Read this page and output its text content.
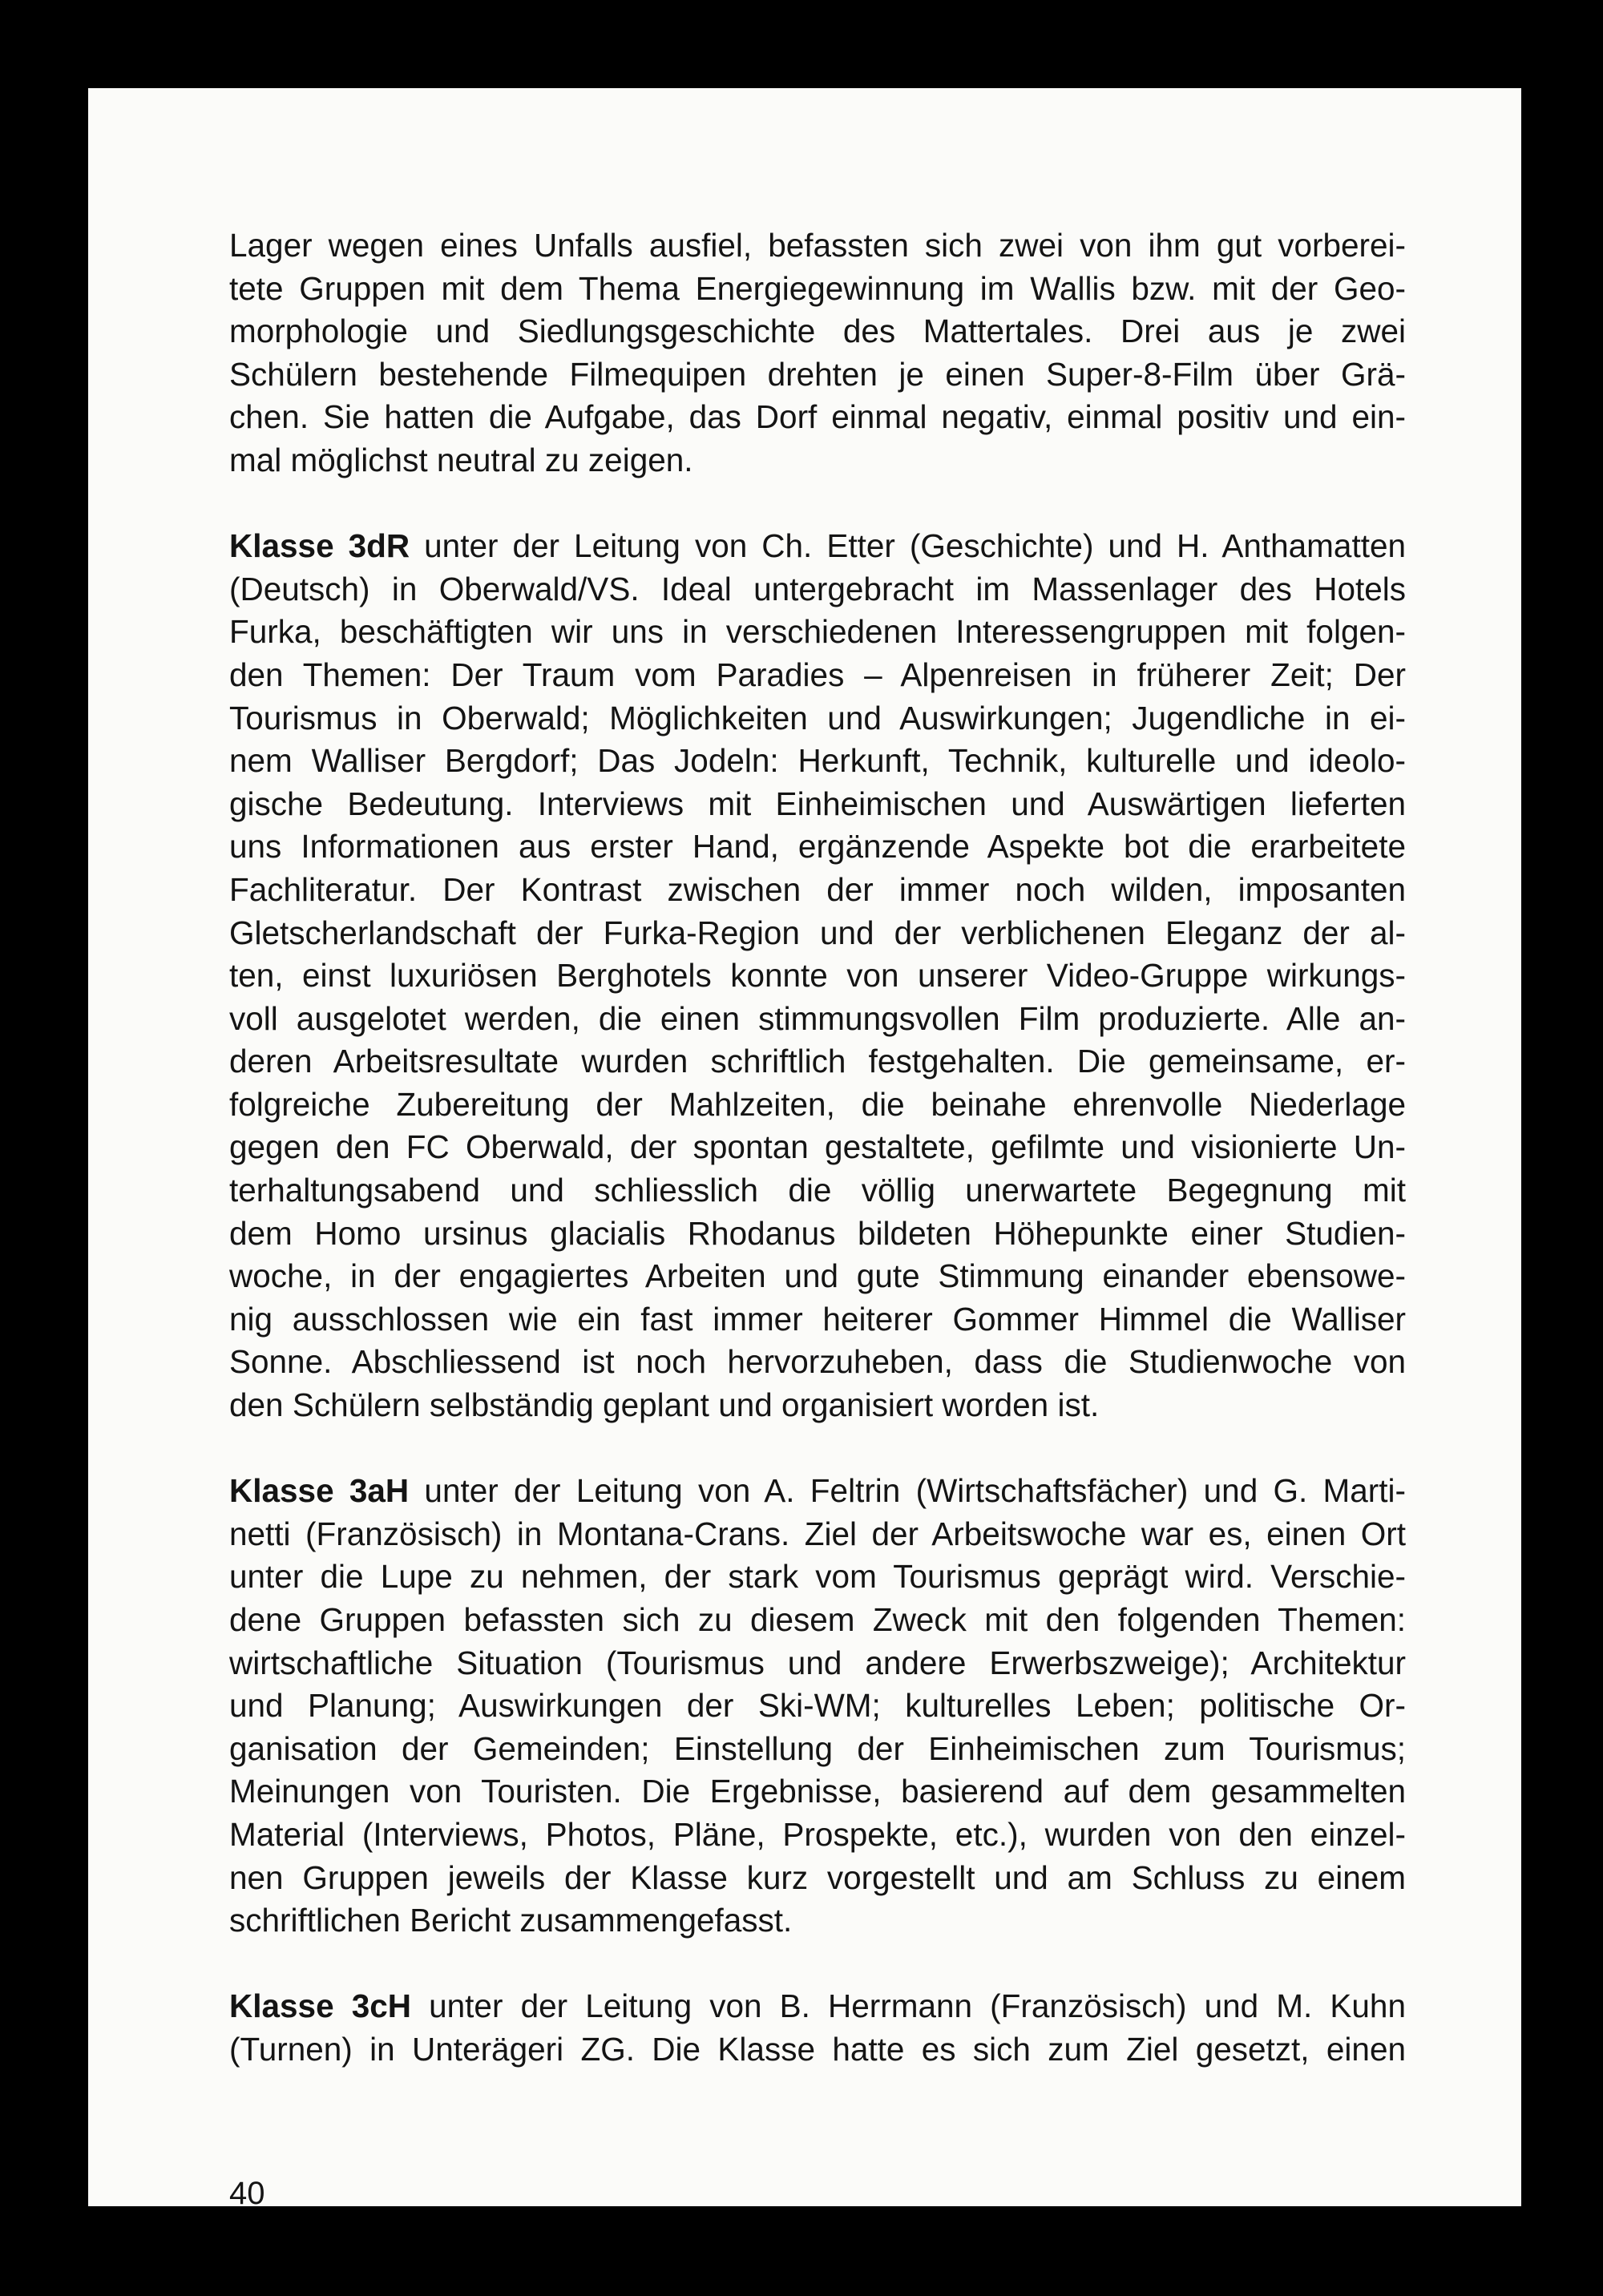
Lager wegen eines Unfalls ausfiel, befassten sich zwei von ihm gut vorberei-
tete Gruppen mit dem Thema Energiegewinnung im Wallis bzw. mit der Geo-
morphologie und Siedlungsgeschichte des Mattertales. Drei aus je zwei
Schülern bestehende Filmequipen drehten je einen Super-8-Film über Grä-
chen. Sie hatten die Aufgabe, das Dorf einmal negativ, einmal positiv und ein-
mal möglichst neutral zu zeigen.

Klasse 3dR unter der Leitung von Ch. Etter (Geschichte) und H. Anthamatten
(Deutsch) in Oberwald/VS. Ideal untergebracht im Massenlager des Hotels
Furka, beschäftigten wir uns in verschiedenen Interessengruppen mit folgen-
den Themen: Der Traum vom Paradies – Alpenreisen in früherer Zeit; Der
Tourismus in Oberwald; Möglichkeiten und Auswirkungen; Jugendliche in ei-
nem Walliser Bergdorf; Das Jodeln: Herkunft, Technik, kulturelle und ideolo-
gische Bedeutung. Interviews mit Einheimischen und Auswärtigen lieferten
uns Informationen aus erster Hand, ergänzende Aspekte bot die erarbeitete
Fachliteratur. Der Kontrast zwischen der immer noch wilden, imposanten
Gletscherlandschaft der Furka-Region und der verblichenen Eleganz der al-
ten, einst luxuriösen Berghotels konnte von unserer Video-Gruppe wirkungs-
voll ausgelotet werden, die einen stimmungsvollen Film produzierte. Alle an-
deren Arbeitsresultate wurden schriftlich festgehalten. Die gemeinsame, er-
folgreiche Zubereitung der Mahlzeiten, die beinahe ehrenvolle Niederlage
gegen den FC Oberwald, der spontan gestaltete, gefilmte und visionierte Un-
terhaltungsabend und schliesslich die völlig unerwartete Begegnung mit
dem Homo ursinus glacialis Rhodanus bildeten Höhepunkte einer Studien-
woche, in der engagiertes Arbeiten und gute Stimmung einander ebensowe-
nig ausschlossen wie ein fast immer heiterer Gommer Himmel die Walliser
Sonne. Abschliessend ist noch hervorzuheben, dass die Studienwoche von
den Schülern selbständig geplant und organisiert worden ist.

Klasse 3aH unter der Leitung von A. Feltrin (Wirtschaftsfächer) und G. Marti-
netti (Französisch) in Montana-Crans. Ziel der Arbeitswoche war es, einen Ort
unter die Lupe zu nehmen, der stark vom Tourismus geprägt wird. Verschie-
dene Gruppen befassten sich zu diesem Zweck mit den folgenden Themen:
wirtschaftliche Situation (Tourismus und andere Erwerbszweige); Architektur
und Planung; Auswirkungen der Ski-WM; kulturelles Leben; politische Or-
ganisation der Gemeinden; Einstellung der Einheimischen zum Tourismus;
Meinungen von Touristen. Die Ergebnisse, basierend auf dem gesammelten
Material (Interviews, Photos, Pläne, Prospekte, etc.), wurden von den einzel-
nen Gruppen jeweils der Klasse kurz vorgestellt und am Schluss zu einem
schriftlichen Bericht zusammengefasst.

Klasse 3cH unter der Leitung von B. Herrmann (Französisch) und M. Kuhn
(Turnen) in Unterägeri ZG. Die Klasse hatte es sich zum Ziel gesetzt, einen

40
